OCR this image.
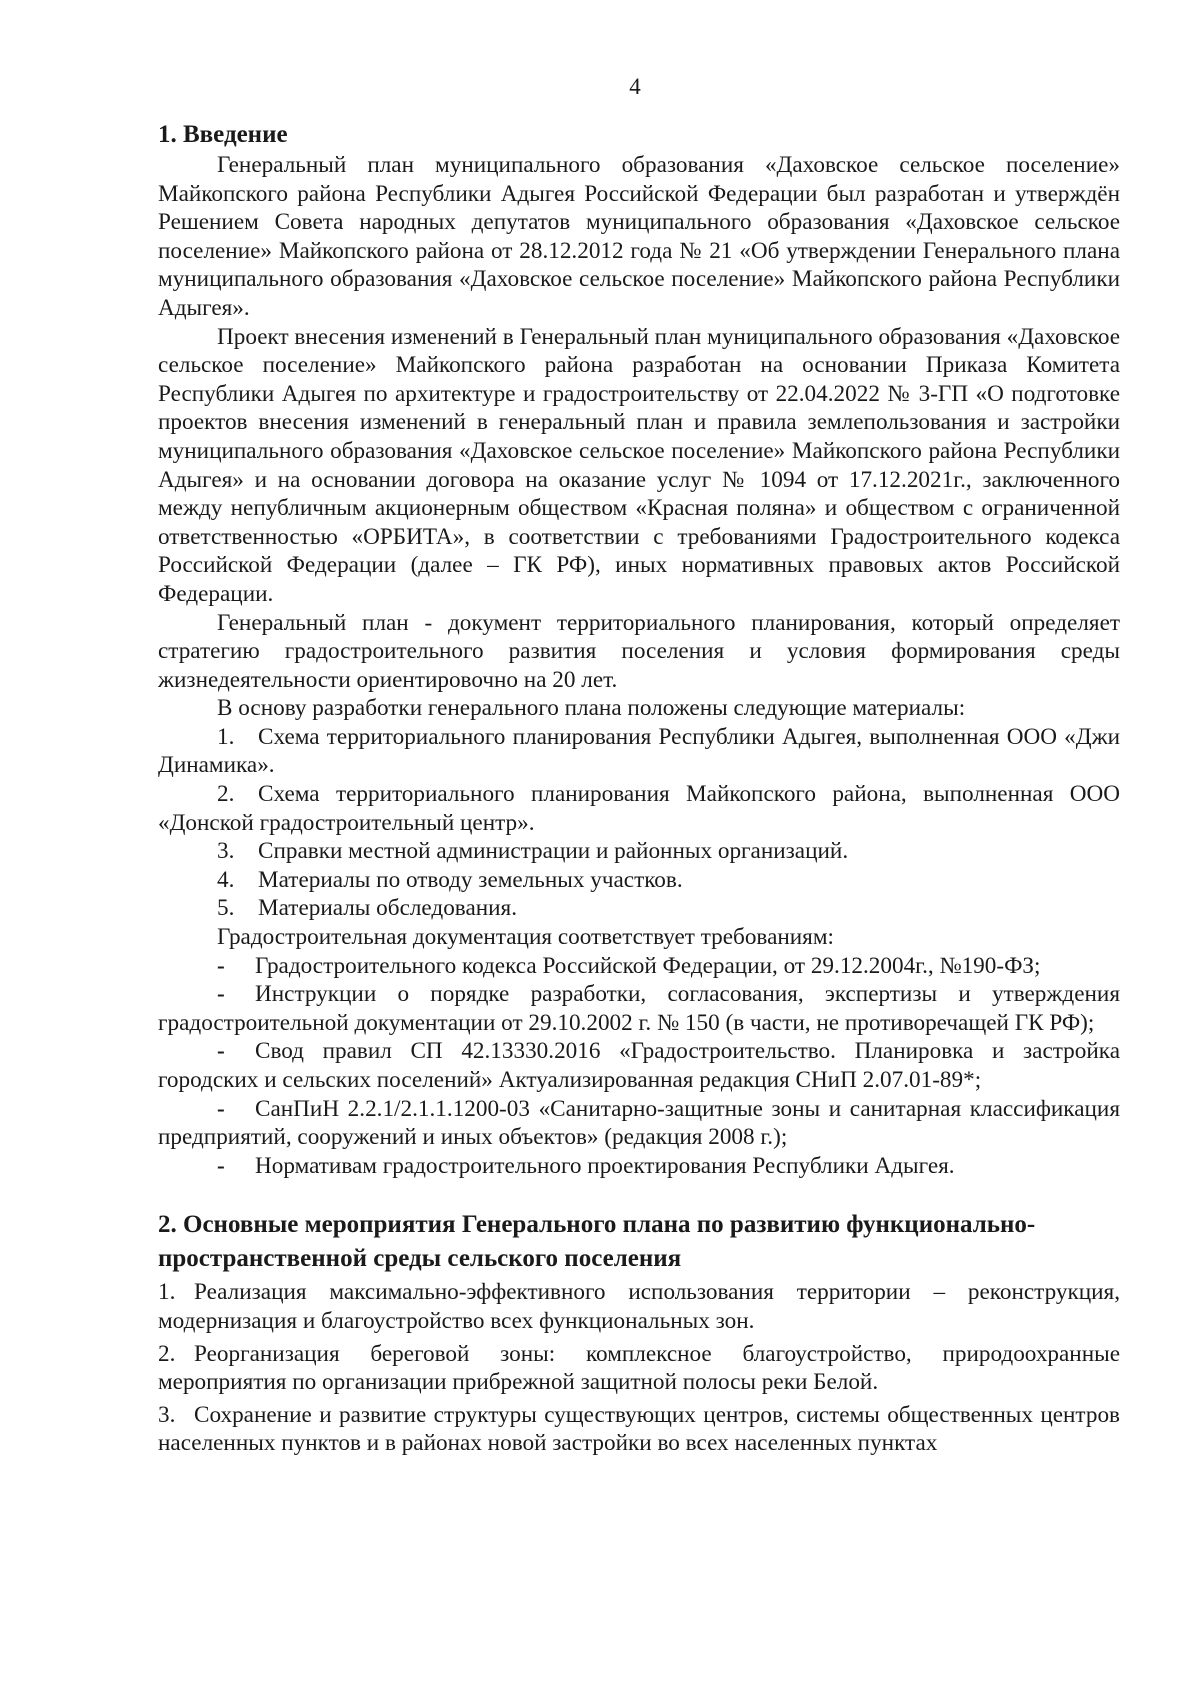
4
1. Введение

Генеральный план муниципального образования «Даховское сельское поселение» Майкопского района Республики Адыгея Российской Федерации был разработан и утверждён Решением Совета народных депутатов муниципального образования «Даховское сельское поселение» Майкопского района от 28.12.2012 года № 21 «Об утверждении Генерального плана муниципального образования «Даховское сельское поселение» Майкопского района Республики Адыгея».

Проект внесения изменений в Генеральный план муниципального образования «Даховское сельское поселение» Майкопского района разработан на основании Приказа Комитета Республики Адыгея по архитектуре и градостроительству от 22.04.2022 № 3-ГП «О подготовке проектов внесения изменений в генеральный план и правила землепользования и застройки муниципального образования «Даховское сельское поселение» Майкопского района Республики Адыгея» и на основании договора на оказание услуг № 1094 от 17.12.2021г., заключенного между непубличным акционерным обществом «Красная поляна» и обществом с ограниченной ответственностью «ОРБИТА», в соответствии с требованиями Градостроительного кодекса Российской Федерации (далее – ГК РФ), иных нормативных правовых актов Российской Федерации.

Генеральный план - документ территориального планирования, который определяет стратегию градостроительного развития поселения и условия формирования среды жизнедеятельности ориентировочно на 20 лет.

В основу разработки генерального плана положены следующие материалы:

1. Схема территориального планирования Республики Адыгея, выполненная ООО «Джи Динамика».

2. Схема территориального планирования Майкопского района, выполненная ООО «Донской градостроительный центр».

3. Справки местной администрации и районных организаций.

4. Материалы по отводу земельных участков.

5. Материалы обследования.

Градостроительная документация соответствует требованиям:

- Градостроительного кодекса Российской Федерации, от 29.12.2004г., №190-ФЗ;

- Инструкции о порядке разработки, согласования, экспертизы и утверждения градостроительной документации от 29.10.2002 г. № 150 (в части, не противоречащей ГК РФ);

- Свод правил СП 42.13330.2016 «Градостроительство. Планировка и застройка городских и сельских поселений» Актуализированная редакция СНиП 2.07.01-89*;

- СанПиН 2.2.1/2.1.1.1200-03 «Санитарно-защитные зоны и санитарная классификация предприятий, сооружений и иных объектов» (редакция 2008 г.);

- Нормативам градостроительного проектирования Республики Адыгея.

2. Основные мероприятия Генерального плана по развитию функционально-пространственной среды сельского поселения

1. Реализация максимально-эффективного использования территории – реконструкция, модернизация и благоустройство всех функциональных зон.

2. Реорганизация береговой зоны: комплексное благоустройство, природоохранные мероприятия по организации прибрежной защитной полосы реки Белой.

3. Сохранение и развитие структуры существующих центров, системы общественных центров населенных пунктов и в районах новой застройки во всех населенных пунктах
